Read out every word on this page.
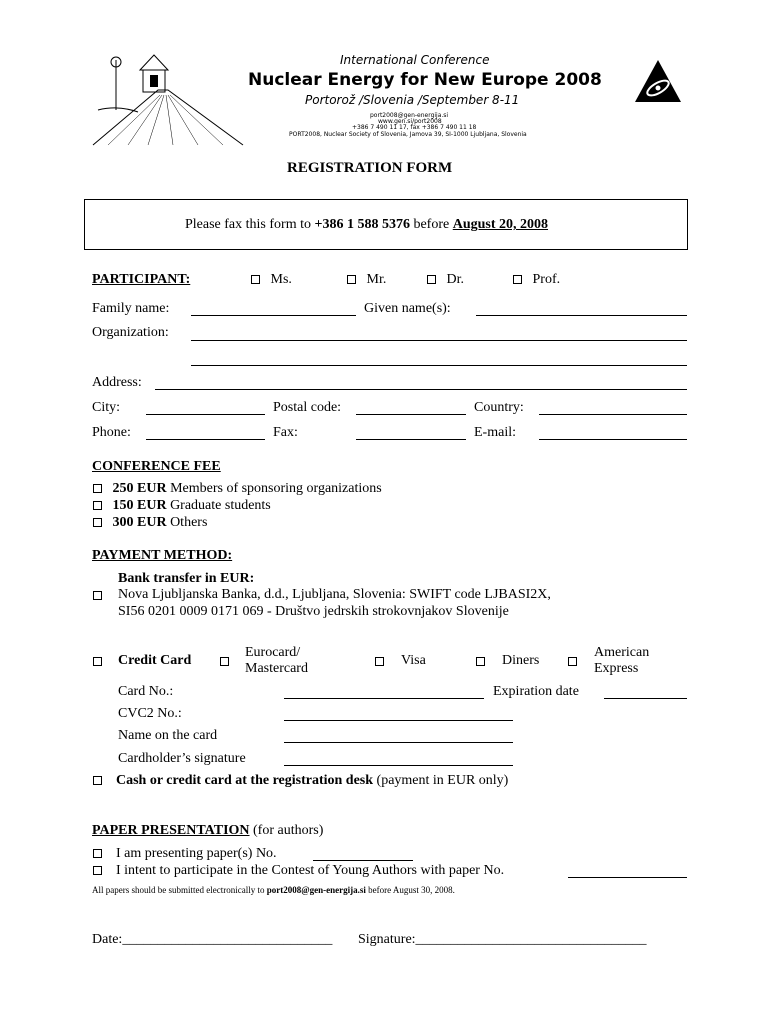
International Conference
Nuclear Energy for New Europe 2008
Portorož /Slovenia /September 8-11
port2008@gen-energija.si
www.gen.si/port2008
+386 7 490 11 17, fax +386 7 490 11 18
PORT2008, Nuclear Society of Slovenia, Jamova 39, SI-1000 Ljubljana, Slovenia
REGISTRATION FORM
Please fax this form to +386 1 588 5376 before August 20, 2008
PARTICIPANT:	Ms.	Mr.	Dr.	Prof.
Family name:	Given name(s):
Organization:
Address:
City:	Postal code:	Country:
Phone:	Fax:	E-mail:
CONFERENCE FEE
250 EUR Members of sponsoring organizations
150 EUR Graduate students
300 EUR Others
PAYMENT METHOD:
Bank transfer in EUR:
Nova Ljubljanska Banka, d.d., Ljubljana, Slovenia: SWIFT code LJBASI2X,
SI56 0201 0009 0171 069 - Društvo jedrskih strokovnjakov Slovenije
Credit Card
Eurocard/
Mastercard
Visa	Diners
American
Express
Card No.:	Expiration date
CVC2 No.:
Name on the card
Cardholder’s signature
Cash or credit card at the registration desk (payment in EUR only)
PAPER PRESENTATION (for authors)
I am presenting paper(s) No.
I intent to participate in the Contest of Young Authors with paper No.
All papers should be submitted electronically to port2008@gen-energija.si before August 30, 2008.
Date:______________________________ Signature:_________________________________
